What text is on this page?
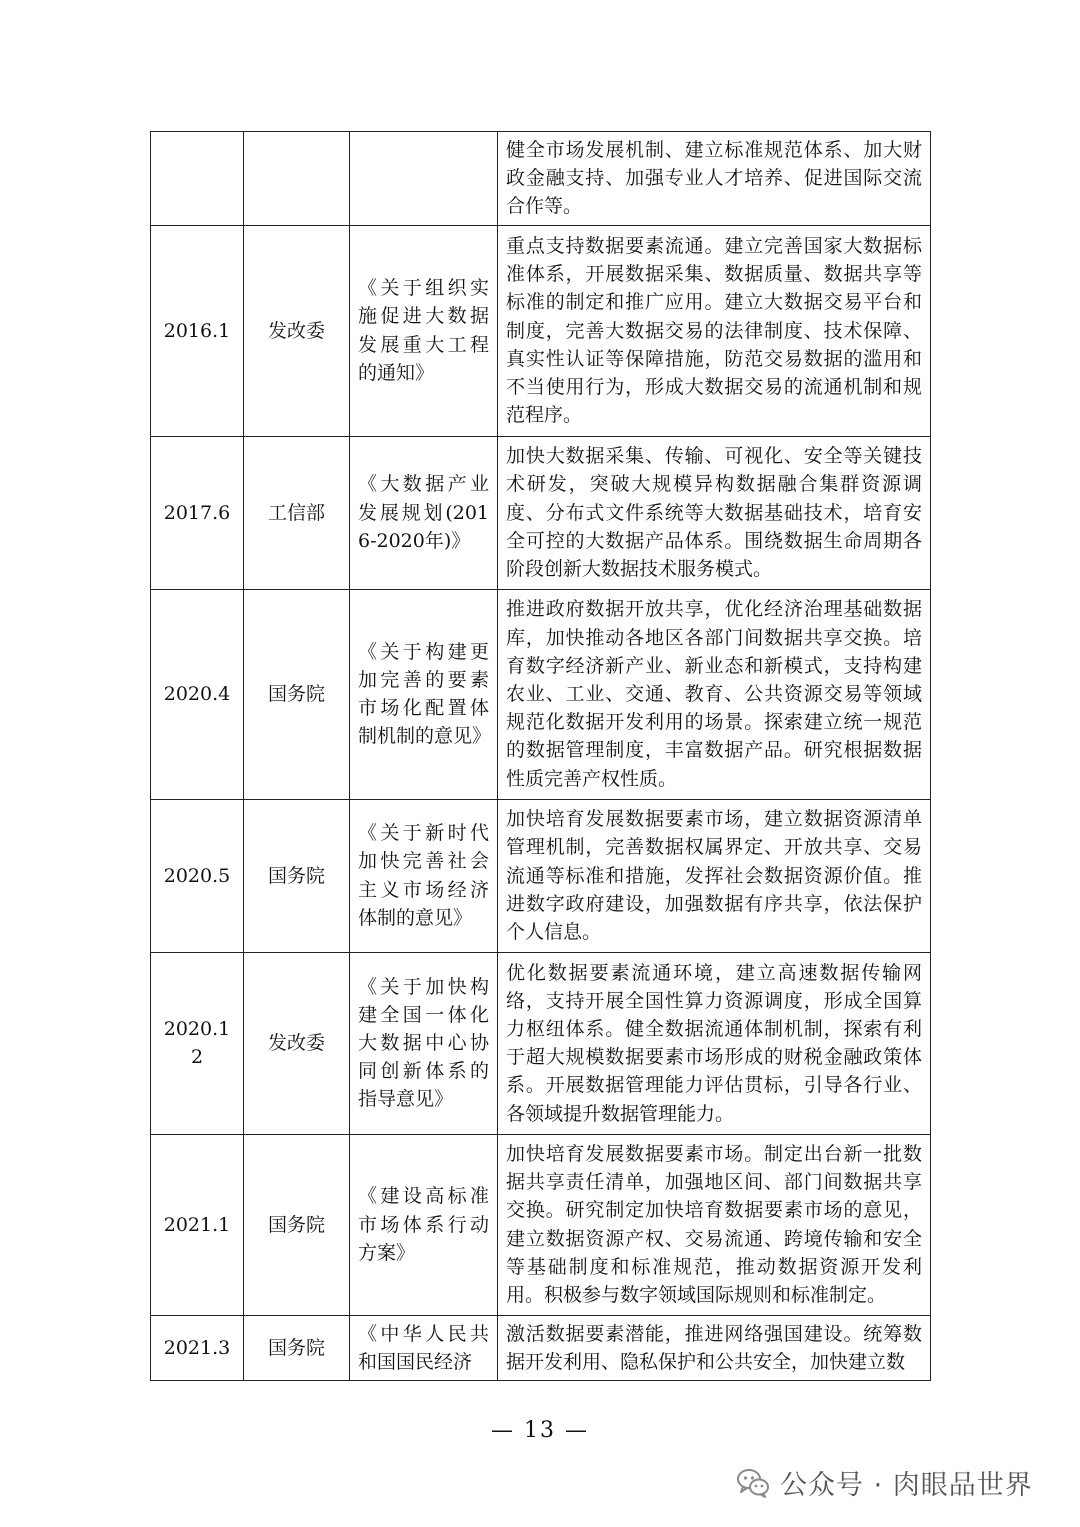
			健全市场发展机制、建立标准规范体系、加大财政金融支持、加强专业人才培养、促进国际交流合作等。
2016.1	发改委	《关于组织实施促进大数据发展重大工程的通知》	重点支持数据要素流通。建立完善国家大数据标准体系，开展数据采集、数据质量、数据共享等标准的制定和推广应用。建立大数据交易平台和制度，完善大数据交易的法律制度、技术保障、真实性认证等保障措施，防范交易数据的滥用和不当使用行为，形成大数据交易的流通机制和规范程序。
2017.6	工信部	《大数据产业发展规划(2016-2020年)》	加快大数据采集、传输、可视化、安全等关键技术研发，突破大规模异构数据融合集群资源调度、分布式文件系统等大数据基础技术，培育安全可控的大数据产品体系。围绕数据生命周期各阶段创新大数据技术服务模式。
2020.4	国务院	《关于构建更加完善的要素市场化配置体制机制的意见》	推进政府数据开放共享，优化经济治理基础数据库，加快推动各地区各部门间数据共享交换。培育数字经济新产业、新业态和新模式，支持构建农业、工业、交通、教育、公共资源交易等领域规范化数据开发利用的场景。探索建立统一规范的数据管理制度，丰富数据产品。研究根据数据性质完善产权性质。
2020.5	国务院	《关于新时代加快完善社会主义市场经济体制的意见》	加快培育发展数据要素市场，建立数据资源清单管理机制，完善数据权属界定、开放共享、交易流通等标准和措施，发挥社会数据资源价值。推进数字政府建设，加强数据有序共享，依法保护个人信息。
2020.12	发改委	《关于加快构建全国一体化大数据中心协同创新体系的指导意见》	优化数据要素流通环境，建立高速数据传输网络，支持开展全国性算力资源调度，形成全国算力枢纽体系。健全数据流通体制机制，探索有利于超大规模数据要素市场形成的财税金融政策体系。开展数据管理能力评估贯标，引导各行业、各领域提升数据管理能力。
2021.1	国务院	《建设高标准市场体系行动方案》	加快培育发展数据要素市场。制定出台新一批数据共享责任清单，加强地区间、部门间数据共享交换。研究制定加快培育数据要素市场的意见，建立数据资源产权、交易流通、跨境传输和安全等基础制度和标准规范，推动数据资源开发利用。积极参与数字领域国际规则和标准制定。
2021.3	国务院	《中华人民共和国国民经济	激活数据要素潜能，推进网络强国建设。统筹数据开发利用、隐私保护和公共安全，加快建立数
— 13 —
公众号 · 肉眼品世界
